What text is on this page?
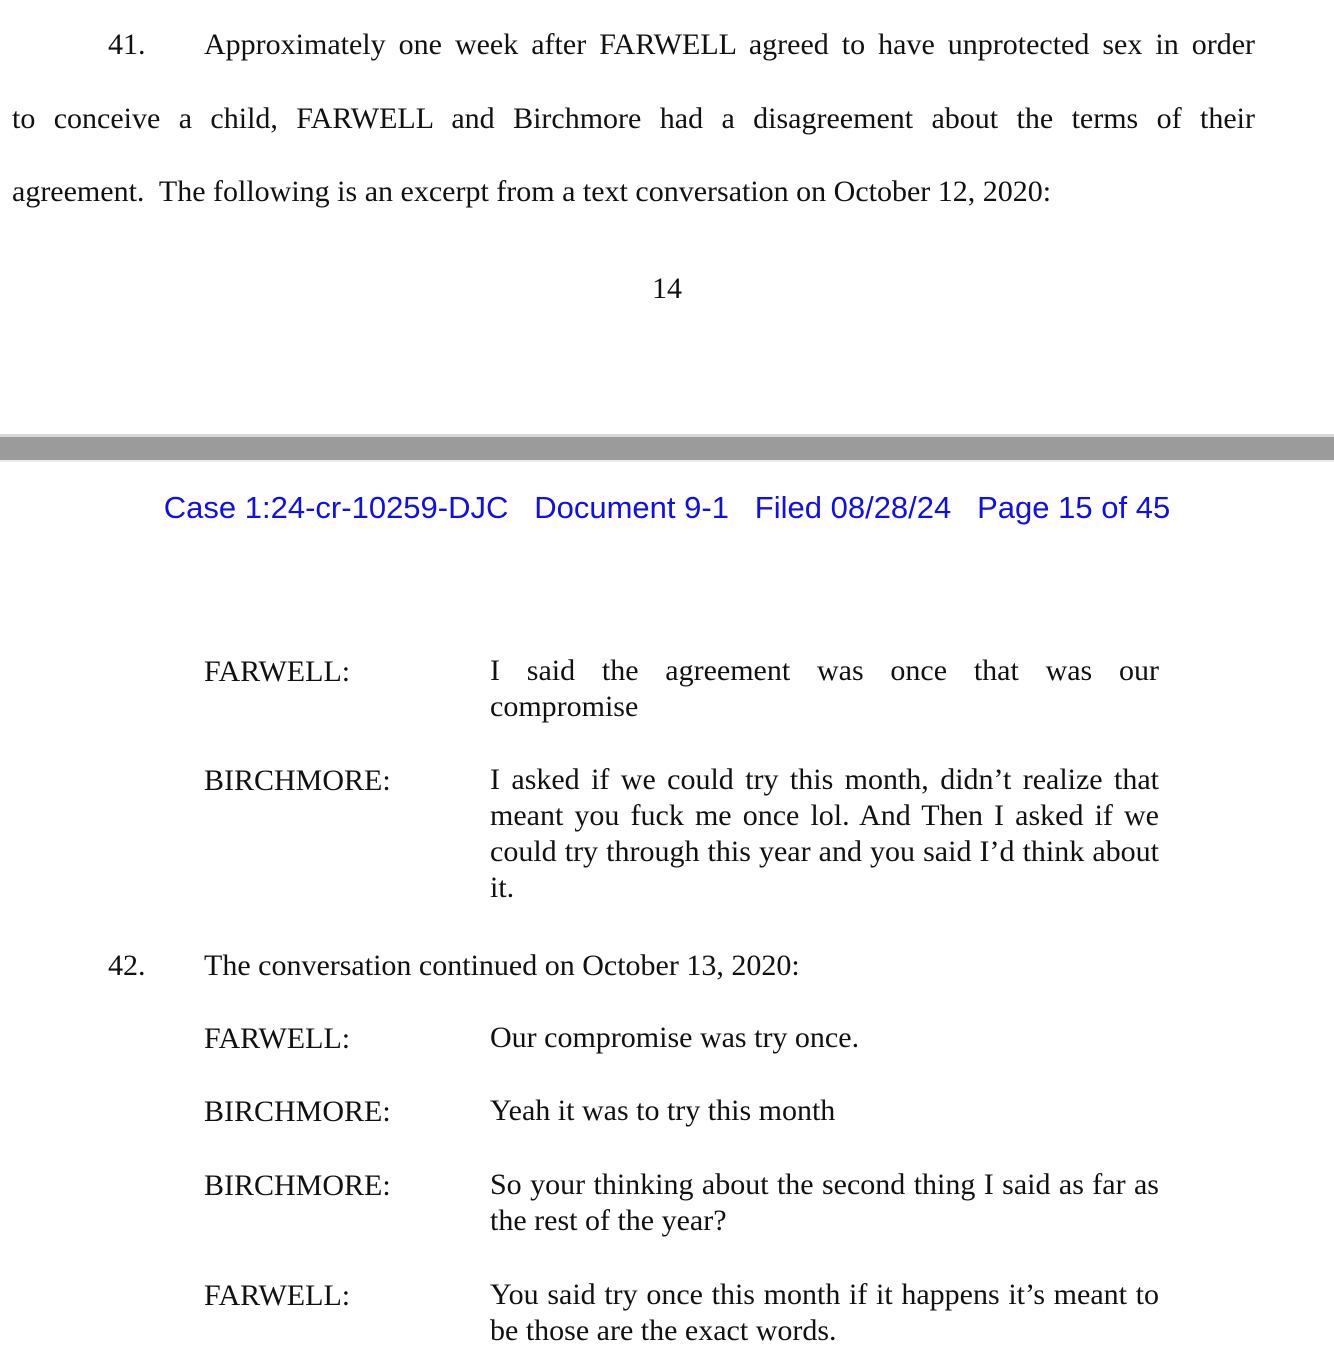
41. Approximately one week after FARWELL agreed to have unprotected sex in order
to conceive a child, FARWELL and Birchmore had a disagreement about the terms of their
agreement.  The following is an excerpt from a text conversation on October 12, 2020:
14
Case 1:24-cr-10259-DJC Document 9-1 Filed 08/28/24 Page 15 of 45
FARWELL:	I said the agreement was once that was our compromise
BIRCHMORE:	I asked if we could try this month, didn’t realize that meant you fuck me once lol. And Then I asked if we could try through this year and you said I’d think about it.
42. The conversation continued on October 13, 2020:
FARWELL:	Our compromise was try once.
BIRCHMORE:	Yeah it was to try this month
BIRCHMORE:	So your thinking about the second thing I said as far as the rest of the year?
FARWELL:	You said try once this month if it happens it’s meant to be those are the exact words.
